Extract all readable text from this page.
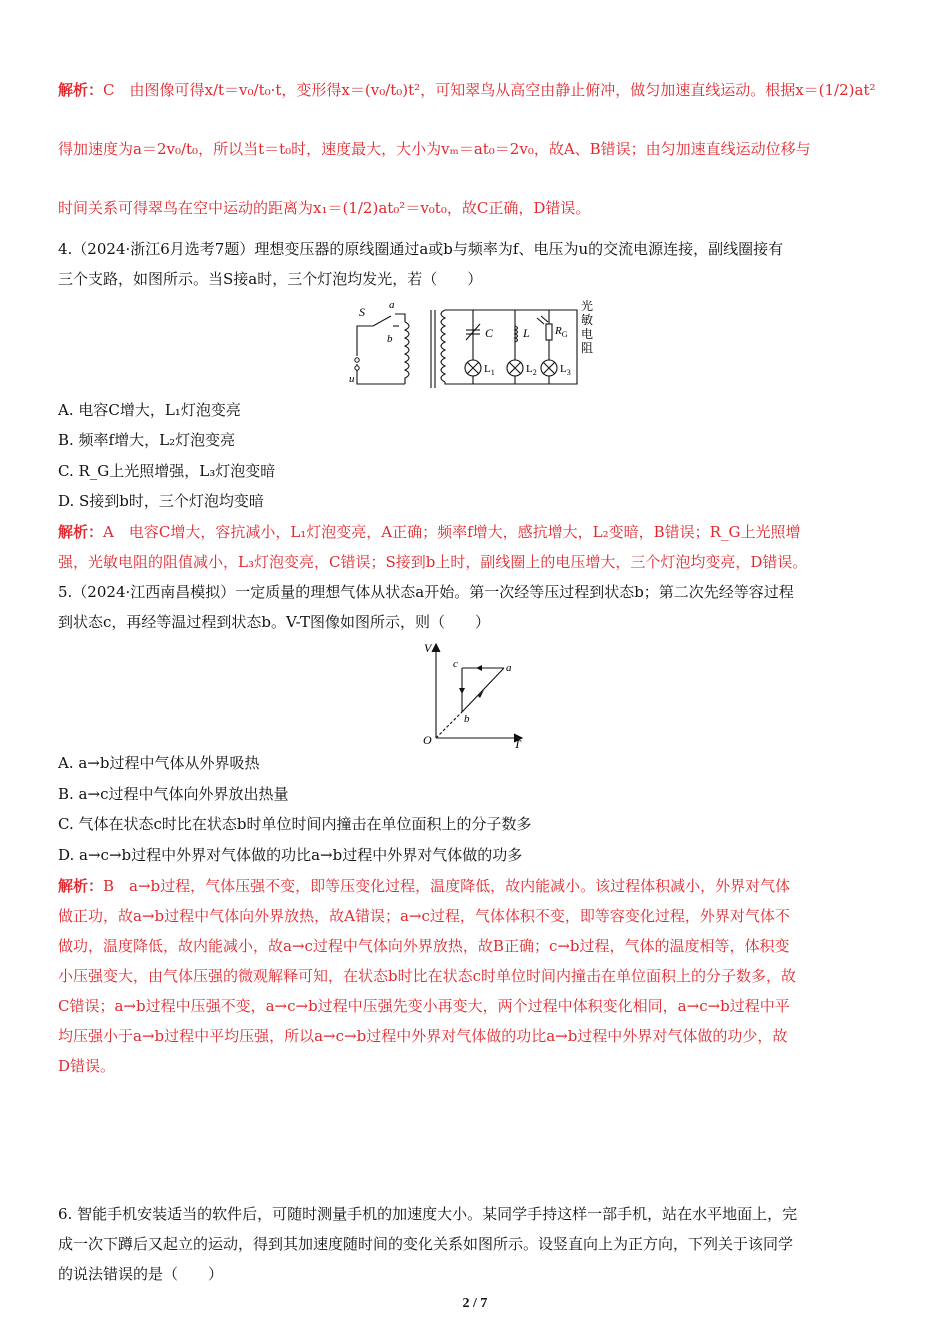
解析：C　由图像可得x/t＝v₀/t₀·t，变形得x＝(v₀/t₀)t²，可知翠鸟从高空由静止俯冲，做匀加速直线运动。根据x＝(1/2)at²
得加速度为a＝2v₀/t₀，所以当t＝t₀时，速度最大，大小为vₘ＝at₀＝2v₀，故A、B错误；由匀加速直线运动位移与
时间关系可得翠鸟在空中运动的距离为x₁＝(1/2)at₀²＝v₀t₀，故C正确，D错误。
4.（2024·浙江6月选考7题）理想变压器的原线圈通过a或b与频率为f、电压为u的交流电源连接，副线圈接有
三个支路，如图所示。当S接a时，三个灯泡均发光，若（　　）
S a
b
u
C L $R_G$
$L_1$	$L_2$ $L_3$
光
敏
电
阻
A. 电容C增大，L₁灯泡变亮
B. 频率f增大，L₂灯泡变亮
C. R_G上光照增强，L₃灯泡变暗
D. S接到b时，三个灯泡均变暗
解析：A　电容C增大，容抗减小，L₁灯泡变亮，A正确；频率f增大，感抗增大，L₂变暗，B错误；R_G上光照增
强，光敏电阻的阻值减小，L₃灯泡变亮，C错误；S接到b上时，副线圈上的电压增大，三个灯泡均变亮，D错误。
5.（2024·江西南昌模拟）一定质量的理想气体从状态a开始。第一次经等压过程到状态b；第二次先经等容过程
到状态c，再经等温过程到状态b。V-T图像如图所示，则（　　）
V
T
O
a
b
c
A. a→b过程中气体从外界吸热
B. a→c过程中气体向外界放出热量
C. 气体在状态c时比在状态b时单位时间内撞击在单位面积上的分子数多
D. a→c→b过程中外界对气体做的功比a→b过程中外界对气体做的功多
解析：B　a→b过程，气体压强不变，即等压变化过程，温度降低，故内能减小。该过程体积减小，外界对气体
做正功，故a→b过程中气体向外界放热，故A错误；a→c过程，气体体积不变，即等容变化过程，外界对气体不
做功，温度降低，故内能减小，故a→c过程中气体向外界放热，故B正确；c→b过程，气体的温度相等，体积变
小压强变大，由气体压强的微观解释可知，在状态b时比在状态c时单位时间内撞击在单位面积上的分子数多，故
C错误；a→b过程中压强不变，a→c→b过程中压强先变小再变大，两个过程中体积变化相同，a→c→b过程中平
均压强小于a→b过程中平均压强，所以a→c→b过程中外界对气体做的功比a→b过程中外界对气体做的功少，故
D错误。
6. 智能手机安装适当的软件后，可随时测量手机的加速度大小。某同学手持这样一部手机，站在水平地面上，完
成一次下蹲后又起立的运动，得到其加速度随时间的变化关系如图所示。设竖直向上为正方向，下列关于该同学
的说法错误的是（　　）
2 / 7
